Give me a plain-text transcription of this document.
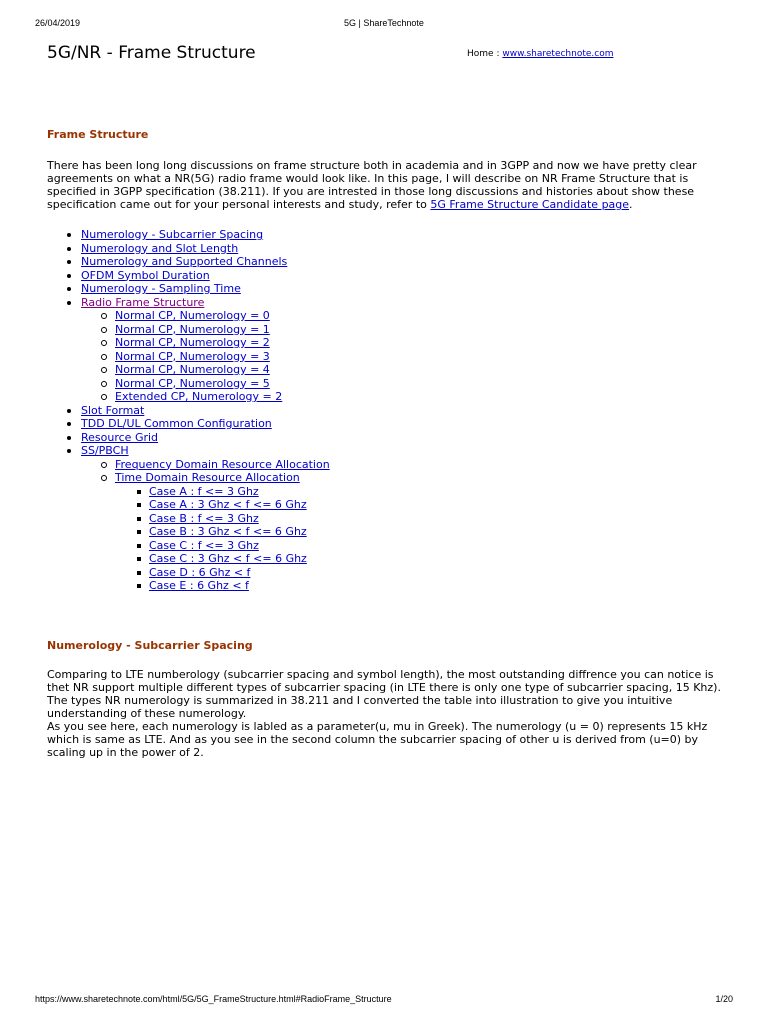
26/04/2019	5G | ShareTechnote
5G/NR - Frame Structure	Home : www.sharetechnote.com
Frame Structure

There has been long long discussions on frame structure both in academia and in 3GPP and now we have pretty clear agreements on what a NR(5G) radio frame would look like. In this page, I will describe on NR Frame Structure that is specified in 3GPP specification (38.211). If you are intrested in those long discussions and histories about show these specification came out for your personal interests and study, refer to 5G Frame Structure Candidate page.

Numerology - Subcarrier Spacing
Numerology and Slot Length
Numerology and Supported Channels
OFDM Symbol Duration
Numerology - Sampling Time
Radio Frame Structure
Normal CP, Numerology = 0
Normal CP, Numerology = 1
Normal CP, Numerology = 2
Normal CP, Numerology = 3
Normal CP, Numerology = 4
Normal CP, Numerology = 5
Extended CP, Numerology = 2
Slot Format
TDD DL/UL Common Configuration
Resource Grid
SS/PBCH
Frequency Domain Resource Allocation
Time Domain Resource Allocation
Case A : f <= 3 Ghz
Case A : 3 Ghz < f <= 6 Ghz
Case B : f <= 3 Ghz
Case B : 3 Ghz < f <= 6 Ghz
Case C : f <= 3 Ghz
Case C : 3 Ghz < f <= 6 Ghz
Case D : 6 Ghz < f
Case E : 6 Ghz < f
Numerology - Subcarrier Spacing

Comparing to LTE numberology (subcarrier spacing and symbol length), the most outstanding diffrence you can notice is thet NR support multiple different types of subcarrier spacing (in LTE there is only one type of subcarrier spacing, 15 Khz). The types NR numerology is summarized in 38.211 and I converted the table into illustration to give you intuitive understanding of these numerology.
As you see here, each numerology is labled as a parameter(u, mu in Greek). The numerology (u = 0) represents 15 kHz which is same as LTE. And as you see in the second column the subcarrier spacing of other u is derived from (u=0) by scaling up in the power of 2.

https://www.sharetechnote.com/html/5G/5G_FrameStructure.html#RadioFrame_Structure	1/20
